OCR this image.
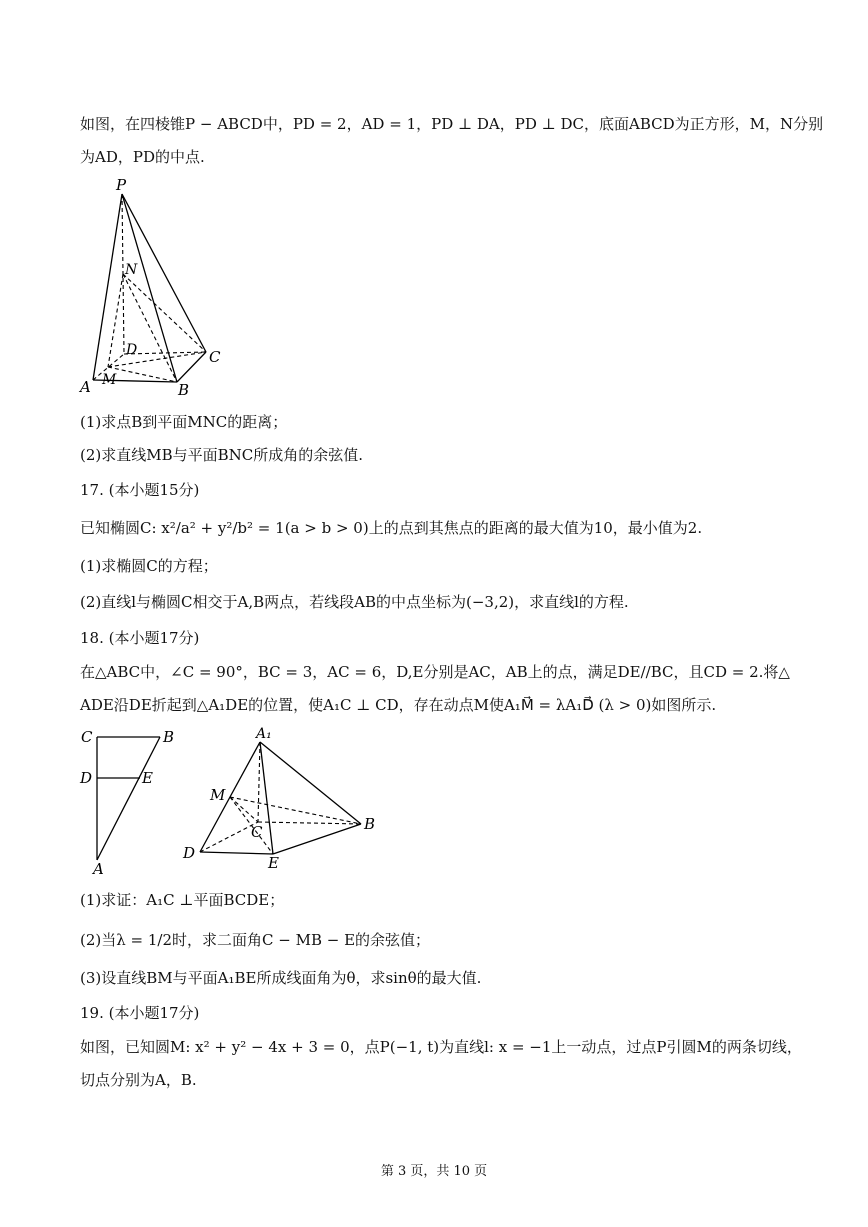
如图，在四棱锥P − ABCD中，PD = 2，AD = 1，PD ⊥ DA，PD ⊥ DC，底面ABCD为正方形，M，N分别
为AD，PD的中点.
P
N
D	C
A M
B
(1)求点B到平面MNC的距离；
(2)求直线MB与平面BNC所成角的余弦值.
17. (本小题15分)
已知椭圆C: x²/a² + y²/b² = 1(a > b > 0)上的点到其焦点的距离的最大值为10，最小值为2.
(1)求椭圆C的方程；
(2)直线l与椭圆C相交于A,B两点，若线段AB的中点坐标为(−3,2)，求直线l的方程.
18. (本小题17分)
在△ABC中，∠C = 90°，BC = 3，AC = 6，D,E分别是AC，AB上的点，满足DE//BC，且CD = 2.将△
ADE沿DE折起到△A₁DE的位置，使A₁C ⊥ CD，存在动点M使A₁M⃗ = λA₁D⃗ (λ > 0)如图所示.
C	B
D	E
A
A₁
M
C	B
D
E
(1)求证：A₁C ⊥平面BCDE；
(2)当λ = 1/2时，求二面角C − MB − E的余弦值；
(3)设直线BM与平面A₁BE所成线面角为θ，求sinθ的最大值.
19. (本小题17分)
如图，已知圆M: x² + y² − 4x + 3 = 0，点P(−1, t)为直线l: x = −1上一动点，过点P引圆M的两条切线，
切点分别为A，B.
第 3 页，共 10 页
